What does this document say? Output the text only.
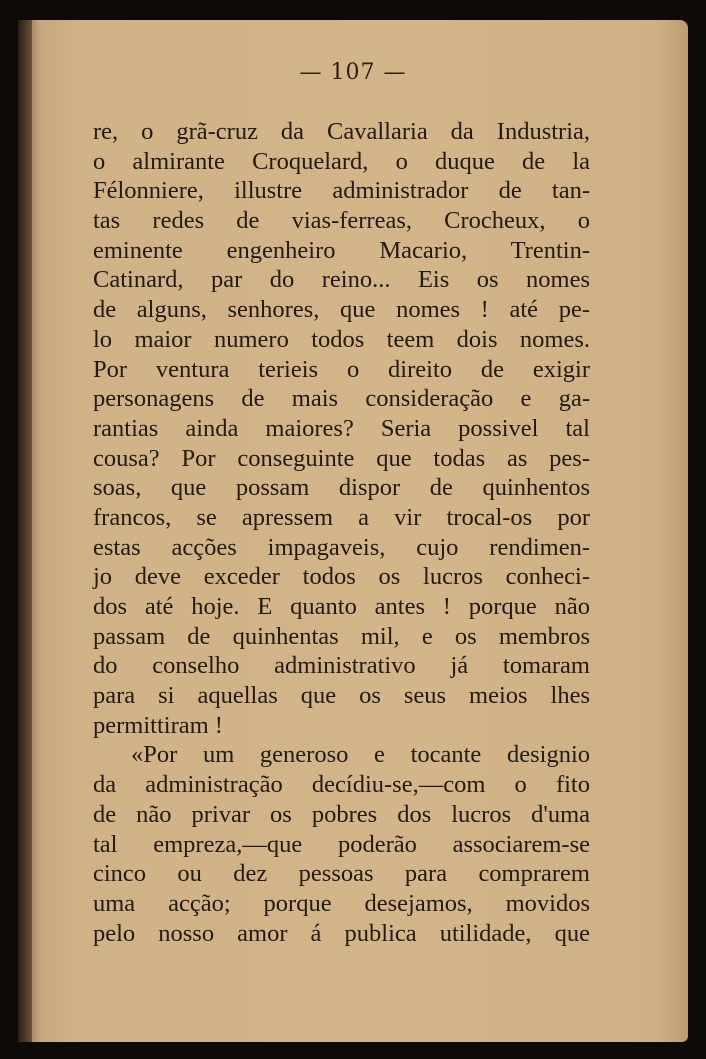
— 107 —
re, o grã-cruz da Cavallaria da Industria,
o almirante Croquelard, o duque de la
Félonniere, illustre administrador de tan-
tas redes de vias-ferreas, Crocheux, o
eminente engenheiro Macario, Trentin-
Catinard, par do reino... Eis os nomes
de alguns, senhores, que nomes ! até pe-
lo maior numero todos teem dois nomes.
Por ventura terieis o direito de exigir
personagens de mais consideração e ga-
rantias ainda maiores? Seria possivel tal
cousa? Por conseguinte que todas as pes-
soas, que possam dispor de quinhentos
francos, se apressem a vir trocal-os por
estas acções impagaveis, cujo rendimen-
jo deve exceder todos os lucros conheci-
dos até hoje. E quanto antes ! porque não
passam de quinhentas mil, e os membros
do conselho administrativo já tomaram
para si aquellas que os seus meios lhes
permittiram !
«Por um generoso e tocante designio
da administração decídiu-se,—com o fito
de não privar os pobres dos lucros d'uma
tal empreza,—que poderão associarem-se
cinco ou dez pessoas para comprarem
uma acção; porque desejamos, movidos
pelo nosso amor á publica utilidade, que
